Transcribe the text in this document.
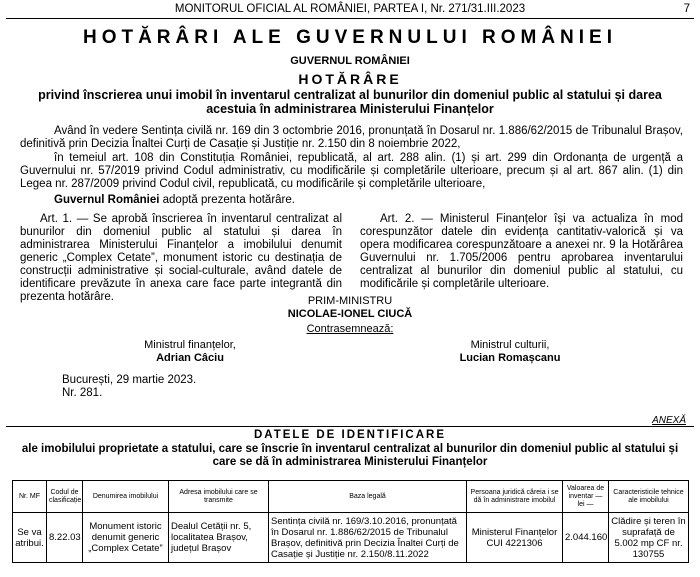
MONITORUL OFICIAL AL ROMÂNIEI, PARTEA I, Nr. 271/31.III.2023	7
HOTĂRÂRI ALE GUVERNULUI ROMÂNIEI
GUVERNUL ROMÂNIEI
HOTĂRÂRE
privind înscrierea unui imobil în inventarul centralizat al bunurilor din domeniul public al statului și darea acestuia în administrarea Ministerului Finanțelor
Având în vedere Sentința civilă nr. 169 din 3 octombrie 2016, pronunțată în Dosarul nr. 1.886/62/2015 de Tribunalul Brașov, definitivă prin Decizia Înaltei Curți de Casație și Justiție nr. 2.150 din 8 noiembrie 2022,
în temeiul art. 108 din Constituția României, republicată, al art. 288 alin. (1) și art. 299 din Ordonanța de urgență a Guvernului nr. 57/2019 privind Codul administrativ, cu modificările și completările ulterioare, precum și al art. 867 alin. (1) din Legea nr. 287/2009 privind Codul civil, republicată, cu modificările și completările ulterioare,
Guvernul României adoptă prezenta hotărâre.
Art. 1. — Se aprobă înscrierea în inventarul centralizat al bunurilor din domeniul public al statului și darea în administrarea Ministerului Finanțelor a imobilului denumit generic „Complex Cetate”, monument istoric cu destinația de construcții administrative și social-culturale, având datele de identificare prevăzute în anexa care face parte integrantă din prezenta hotărâre.
Art. 2. — Ministerul Finanțelor își va actualiza în mod corespunzător datele din evidența cantitativ-valorică și va opera modificarea corespunzătoare a anexei nr. 9 la Hotărârea Guvernului nr. 1.705/2006 pentru aprobarea inventarului centralizat al bunurilor din domeniul public al statului, cu modificările și completările ulterioare.
PRIM-MINISTRU
NICOLAE-IONEL CIUCĂ
Contrasemnează:
Ministrul finanțelor,
Adrian Câciu
Ministrul culturii,
Lucian Romașcanu
București, 29 martie 2023.
Nr. 281.
ANEXĂ
DATELE DE IDENTIFICARE
ale imobilului proprietate a statului, care se înscrie în inventarul centralizat al bunurilor din domeniul public al statului și care se dă în administrarea Ministerului Finanțelor
Nr. MF	Codul de clasificație	Denumirea imobilului	Adresa imobilului care se transmite	Baza legală	Persoana juridică căreia i se dă în administrare imobilul	Valoarea de inventar — lei —	Caracteristicile tehnice ale imobilului
Se va atribui.	8.22.03	Monument istoric denumit generic „Complex Cetate”	Dealul Cetății nr. 5, localitatea Brașov, județul Brașov	Sentința civilă nr. 169/3.10.2016, pronunțată în Dosarul nr. 1.886/62/2015 de Tribunalul Brașov, definitivă prin Decizia Înaltei Curți de Casație și Justiție nr. 2.150/8.11.2022	Ministerul Finanțelor CUI 4221306	2.044.160	Clădire și teren în suprafață de 5.002 mp CF nr. 130755
